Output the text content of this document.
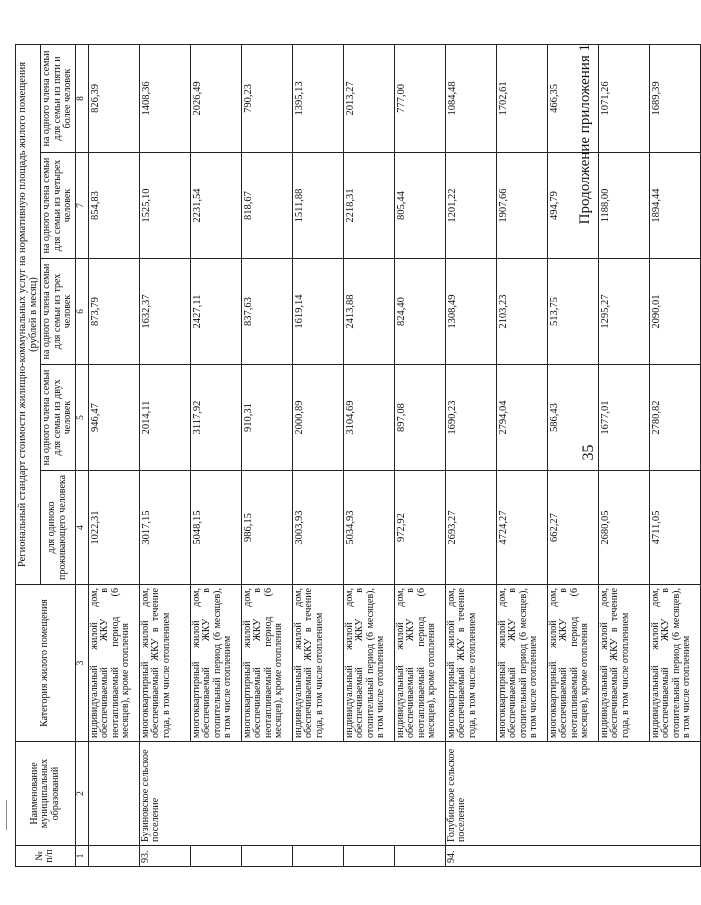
35
Продолжение приложения 1
№ п/п	Наименование муниципальных образований	Категория жилого помещения	Региональный стандарт стоимости жилищно-коммунальных услуг на нормативную площадь жилого помещения (рублей в месяц)				
			для одиноко проживающего человека	на одного члена семьи для семьи из двух человек	на одного члена семьи для семьи из трех человек	на одного члена семьи для семьи из четырех человек	на одного члена семьи для семьи из пяти и более человек
1	2	3	4	5	6	7	8
		индивидуальный жилой дом, обеспечиваемый ЖКУ в неотапливаемый период (6 месяцев), кроме отопления	1022,31	946,47	873,79	854,83	826,39
93.	Бузиновское сельское поселение	многоквартирный жилой дом, обеспечиваемый ЖКУ в течение года, в том числе отоплением	3017,15	2014,11	1632,37	1525,10	1408,36
		многоквартирный жилой дом, обеспечиваемый ЖКУ в отопительный период (6 месяцев), в том числе отоплением	5048,15	3117,92	2427,11	2231,54	2026,49
		многоквартирный жилой дом, обеспечиваемый ЖКУ в неотапливаемый период (6 месяцев), кроме отопления	986,15	910,31	837,63	818,67	790,23
		индивидуальный жилой дом, обеспечиваемый ЖКУ в течение года, в том числе отоплением	3003,93	2000,89	1619,14	1511,88	1395,13
		индивидуальный жилой дом, обеспечиваемый ЖКУ в отопительный период (6 месяцев), в том числе отоплением	5034,93	3104,69	2413,88	2218,31	2013,27
		индивидуальный жилой дом, обеспечиваемый ЖКУ в неотапливаемый период (6 месяцев), кроме отопления	972,92	897,08	824,40	805,44	777,00
94.	Голубинское сельское поселение	многоквартирный жилой дом, обеспечиваемый ЖКУ в течение года, в том числе отоплением	2693,27	1690,23	1308,49	1201,22	1084,48
		многоквартирный жилой дом, обеспечиваемый ЖКУ в отопительный период (6 месяцев), в том числе отоплением	4724,27	2794,04	2103,23	1907,66	1702,61
		многоквартирный жилой дом, обеспечиваемый ЖКУ в неотапливаемый период (6 месяцев), кроме отопления	662,27	586,43	513,75	494,79	466,35
		индивидуальный жилой дом, обеспечиваемый ЖКУ в течение года, в том числе отоплением	2680,05	1677,01	1295,27	1188,00	1071,26
		индивидуальный жилой дом, обеспечиваемый ЖКУ в отопительный период (6 месяцев), в том числе отоплением	4711,05	2780,82	2090,01	1894,44	1689,39
